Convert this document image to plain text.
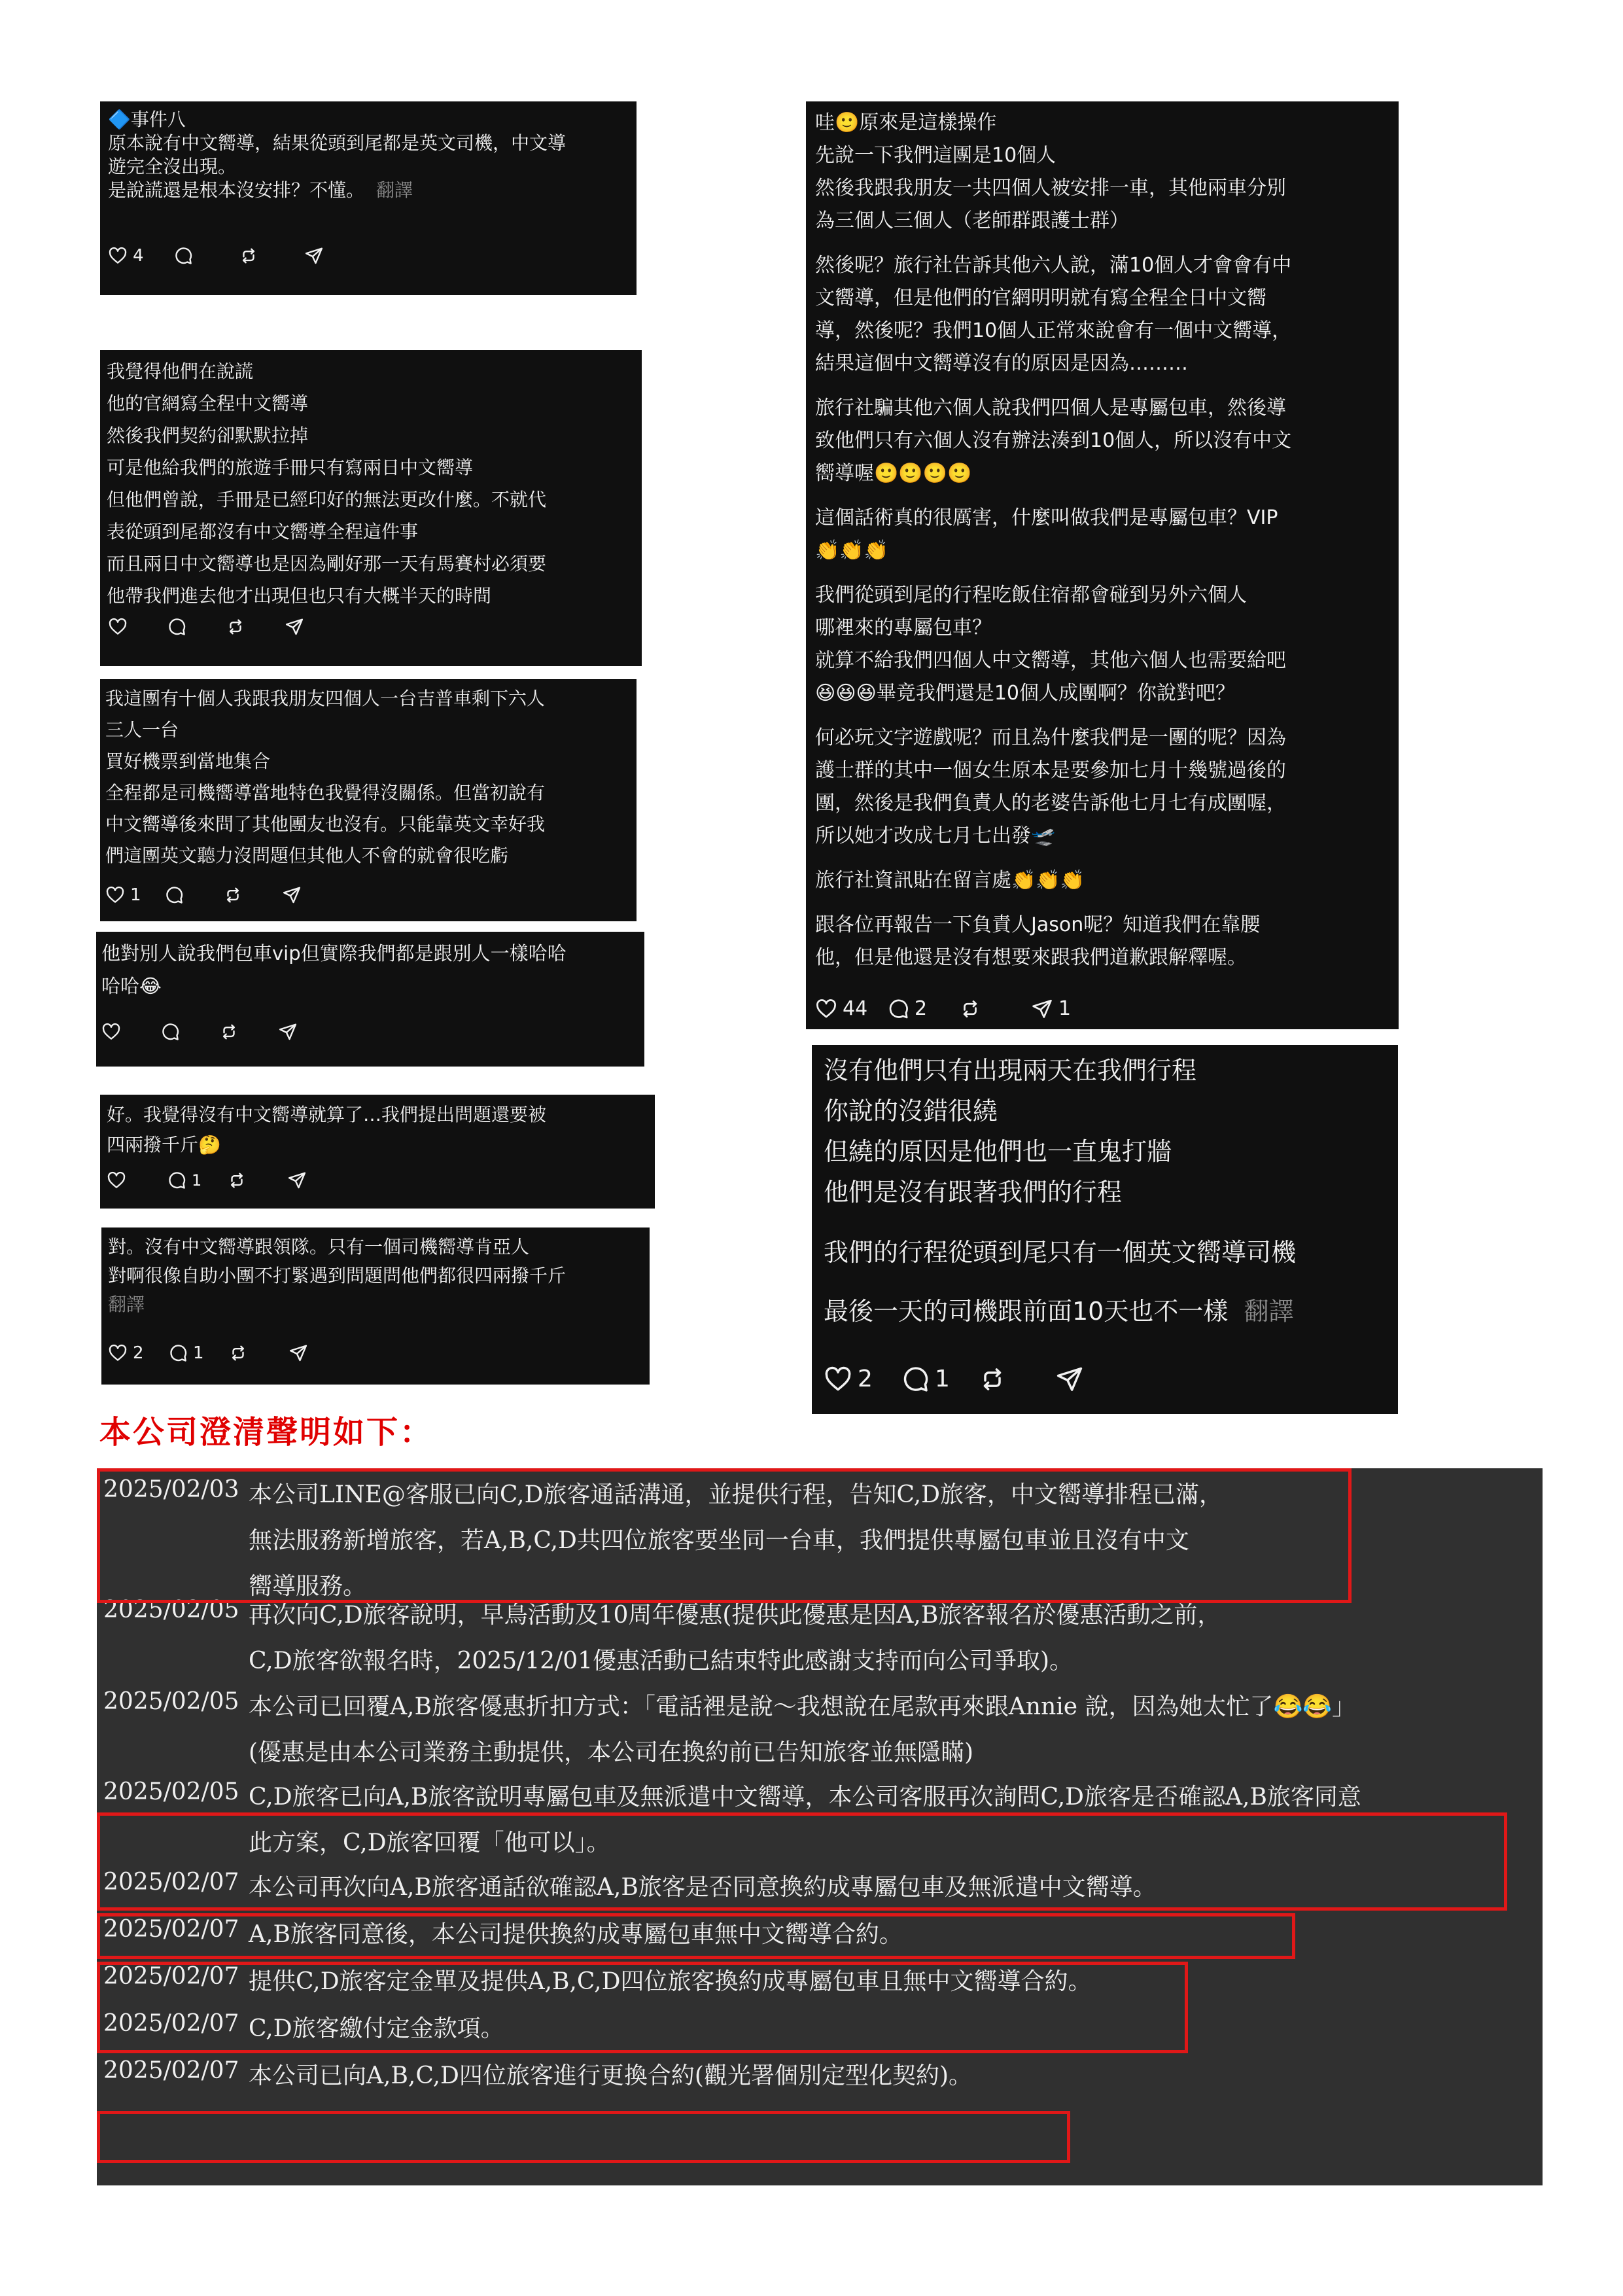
🔷事件八
原本說有中文嚮導，結果從頭到尾都是英文司機，中文導
遊完全沒出現。
是說謊還是根本沒安排？不懂。 翻譯
4
我覺得他們在說謊
他的官網寫全程中文嚮導
然後我們契約卻默默拉掉
可是他給我們的旅遊手冊只有寫兩日中文嚮導
但他們曾說，手冊是已經印好的無法更改什麼。不就代
表從頭到尾都沒有中文嚮導全程這件事
而且兩日中文嚮導也是因為剛好那一天有馬賽村必須要
他帶我們進去他才出現但也只有大概半天的時間
我這團有十個人我跟我朋友四個人一台吉普車剩下六人
三人一台
買好機票到當地集合
全程都是司機嚮導當地特色我覺得沒關係。但當初說有
中文嚮導後來問了其他團友也沒有。只能靠英文幸好我
們這團英文聽力沒問題但其他人不會的就會很吃虧
1
他對別人說我們包車vip但實際我們都是跟別人一樣哈哈
哈哈😂
好。我覺得沒有中文嚮導就算了…我們提出問題還要被
四兩撥千斤🤔
1
對。沒有中文嚮導跟領隊。只有一個司機嚮導肯亞人
對啊很像自助小團不打緊遇到問題問他們都很四兩撥千斤
翻譯
2	1
哇🙂原來是這樣操作
先說一下我們這團是10個人
然後我跟我朋友一共四個人被安排一車，其他兩車分別
為三個人三個人（老師群跟護士群）
然後呢？旅行社告訴其他六人說，滿10個人才會會有中
文嚮導，但是他們的官網明明就有寫全程全日中文嚮
導，然後呢？我們10個人正常來說會有一個中文嚮導，
結果這個中文嚮導沒有的原因是因為………
旅行社騙其他六個人說我們四個人是專屬包車，然後導
致他們只有六個人沒有辦法湊到10個人，所以沒有中文
嚮導喔🙂🙂🙂🙂
這個話術真的很厲害，什麼叫做我們是專屬包車？VIP
👏👏👏
我們從頭到尾的行程吃飯住宿都會碰到另外六個人
哪裡來的專屬包車？
就算不給我們四個人中文嚮導，其他六個人也需要給吧
😆😆😆畢竟我們還是10個人成團啊？你說對吧？
何必玩文字遊戲呢？而且為什麼我們是一團的呢？因為
護士群的其中一個女生原本是要參加七月十幾號過後的
團，然後是我們負責人的老婆告訴他七月七有成團喔，
所以她才改成七月七出發🛫
旅行社資訊貼在留言處👏👏👏
跟各位再報告一下負責人Jason呢？知道我們在靠腰
他，但是他還是沒有想要來跟我們道歉跟解釋喔。
44 2	1
沒有他們只有出現兩天在我們行程
你說的沒錯很繞
但繞的原因是他們也一直鬼打牆
他們是沒有跟著我們的行程
我們的行程從頭到尾只有一個英文嚮導司機
最後一天的司機跟前面10天也不一樣 翻譯
2	1
本公司澄清聲明如下：
2025/02/03 本公司LINE@客服已向C,D旅客通話溝通，並提供行程，告知C,D旅客，中文嚮導排程已滿，
無法服務新增旅客，若A,B,C,D共四位旅客要坐同一台車，我們提供專屬包車並且沒有中文
嚮導服務。
2025/02/05 再次向C,D旅客說明，早鳥活動及10周年優惠(提供此優惠是因A,B旅客報名於優惠活動之前，
C,D旅客欲報名時，2025/12/01優惠活動已結束特此感謝支持而向公司爭取)。
2025/02/05 本公司已回覆A,B旅客優惠折扣方式：「電話裡是說～我想說在尾款再來跟Annie 說，因為她太忙了😂😂」
(優惠是由本公司業務主動提供，本公司在換約前已告知旅客並無隱瞞)
2025/02/05 C,D旅客已向A,B旅客說明專屬包車及無派遣中文嚮導，本公司客服再次詢問C,D旅客是否確認A,B旅客同意
此方案，C,D旅客回覆「他可以」。
2025/02/07 本公司再次向A,B旅客通話欲確認A,B旅客是否同意換約成專屬包車及無派遣中文嚮導。
2025/02/07 A,B旅客同意後，本公司提供換約成專屬包車無中文嚮導合約。
2025/02/07 提供C,D旅客定金單及提供A,B,C,D四位旅客換約成專屬包車且無中文嚮導合約。
2025/02/07 C,D旅客繳付定金款項。
2025/02/07 本公司已向A,B,C,D四位旅客進行更換合約(觀光署個別定型化契約)。
